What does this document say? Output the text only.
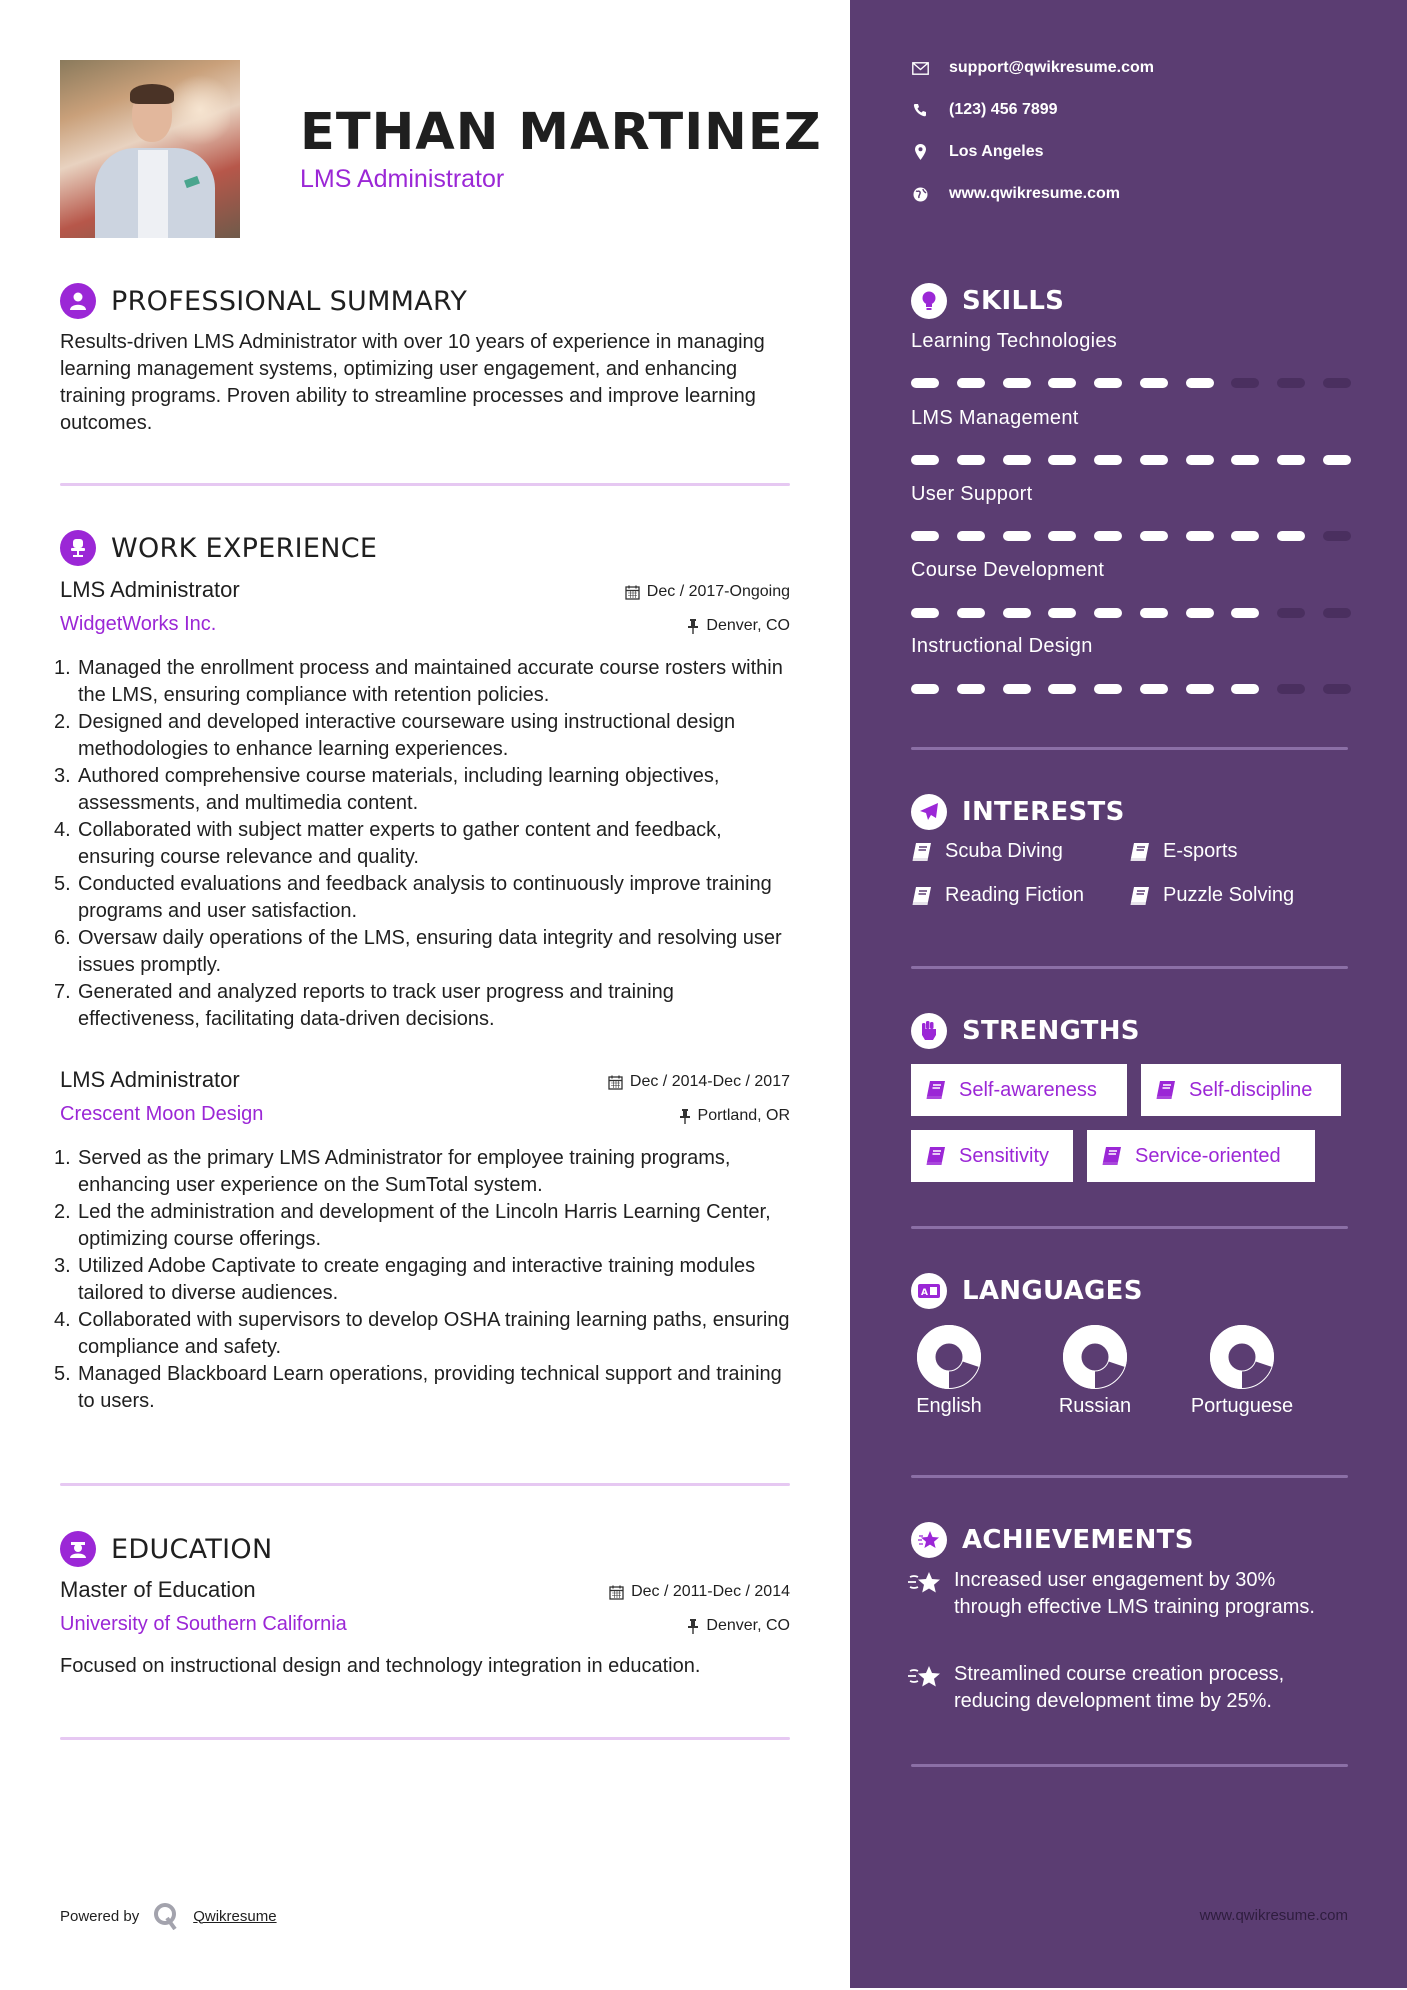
ETHAN MARTINEZ
LMS Administrator
PROFESSIONAL SUMMARY
Results-driven LMS Administrator with over 10 years of experience in managing learning management systems, optimizing user engagement, and enhancing training programs. Proven ability to streamline processes and improve learning outcomes.
WORK EXPERIENCE
LMS Administrator	Dec / 2017-Ongoing
WidgetWorks Inc.	Denver, CO
1. Managed the enrollment process and maintained accurate course rosters within the LMS, ensuring compliance with retention policies.
2. Designed and developed interactive courseware using instructional design methodologies to enhance learning experiences.
3. Authored comprehensive course materials, including learning objectives, assessments, and multimedia content.
4. Collaborated with subject matter experts to gather content and feedback, ensuring course relevance and quality.
5. Conducted evaluations and feedback analysis to continuously improve training programs and user satisfaction.
6. Oversaw daily operations of the LMS, ensuring data integrity and resolving user issues promptly.
7. Generated and analyzed reports to track user progress and training effectiveness, facilitating data-driven decisions.
LMS Administrator	Dec / 2014-Dec / 2017
Crescent Moon Design	Portland, OR
1. Served as the primary LMS Administrator for employee training programs, enhancing user experience on the SumTotal system.
2. Led the administration and development of the Lincoln Harris Learning Center, optimizing course offerings.
3. Utilized Adobe Captivate to create engaging and interactive training modules tailored to diverse audiences.
4. Collaborated with supervisors to develop OSHA training learning paths, ensuring compliance and safety.
5. Managed Blackboard Learn operations, providing technical support and training to users.
EDUCATION
Master of Education	Dec / 2011-Dec / 2014
University of Southern California	Denver, CO
Focused on instructional design and technology integration in education.
Powered by	Qwikresume
support@qwikresume.com
(123) 456 7899
Los Angeles
www.qwikresume.com
SKILLS
Learning Technologies
LMS Management
User Support
Course Development
Instructional Design
INTERESTS
Scuba Diving	E-sports
Reading Fiction	Puzzle Solving
STRENGTHS
Self-awareness	Self-discipline
Sensitivity	Service-oriented
A LANGUAGES
English	Russian	Portuguese
ACHIEVEMENTS
Increased user engagement by 30% through effective LMS training programs.
Streamlined course creation process, reducing development time by 25%.
www.qwikresume.com
